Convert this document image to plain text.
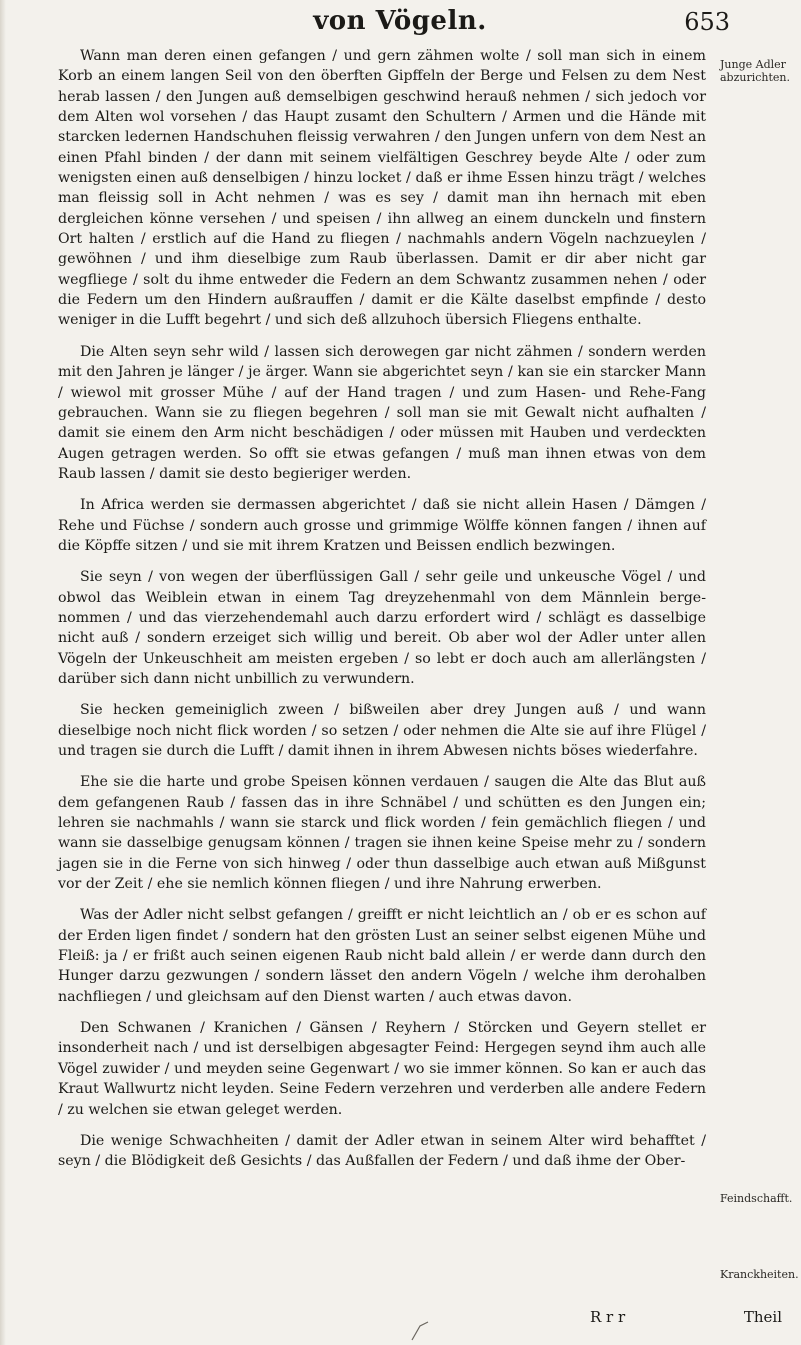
von Vögeln.	653

Wann man deren einen gefangen / und gern zähmen wolte / soll man sich in einem Korb an einem langen Seil von den öberften Gipffeln der Berge und Felsen zu dem Nest herab lassen / den Jungen auß demselbigen geschwind herauß nehmen / sich jedoch vor dem Alten wol vorsehen / das Haupt zusamt den Schultern / Armen und die Hände mit starcken ledernen Handschuhen fleissig verwahren / den Jungen unfern von dem Nest an einen Pfahl binden / der dann mit seinem vielfältigen Geschrey beyde Alte / oder zum wenigsten einen auß denselbigen / hinzu locket / daß er ihme Essen hinzu trägt / welches man fleissig soll in Acht nehmen / was es sey / damit man ihn hernach mit eben dergleichen könne versehen / und speisen / ihn allweg an einem dunckeln und finstern Ort halten / erstlich auf die Hand zu fliegen / nachmahls andern Vögeln nachzueylen / gewöhnen / und ihm dieselbige zum Raub überlassen. Damit er dir aber nicht gar wegfliege / solt du ihme entweder die Federn an dem Schwantz zusammen nehen / oder die Federn um den Hindern außrauffen / damit er die Kälte daselbst empfinde / desto weniger in die Lufft begehrt / und sich deß allzuhoch übersich Fliegens enthalte.

Die Alten seyn sehr wild / lassen sich derowegen gar nicht zähmen / sondern werden mit den Jahren je länger / je ärger. Wann sie abgerichtet seyn / kan sie ein starcker Mann / wiewol mit grosser Mühe / auf der Hand tragen / und zum Hasen- und Rehe-Fang gebrauchen. Wann sie zu fliegen begehren / soll man sie mit Gewalt nicht aufhalten / damit sie einem den Arm nicht beschädigen / oder müssen mit Hauben und verdeckten Augen getragen werden. So offt sie etwas gefangen / muß man ihnen etwas von dem Raub lassen / damit sie desto begieriger werden.

In Africa werden sie dermassen abgerichtet / daß sie nicht allein Hasen / Dämgen / Rehe und Füchse / sondern auch grosse und grimmige Wölffe können fangen / ihnen auf die Köpffe sitzen / und sie mit ihrem Kratzen und Beissen endlich bezwingen.

Sie seyn / von wegen der überflüssigen Gall / sehr geile und unkeusche Vögel / und obwol das Weiblein etwan in einem Tag dreyzehenmahl von dem Männlein berge-nommen / und das vierzehendemahl auch darzu erfordert wird / schlägt es dasselbige nicht auß / sondern erzeiget sich willig und bereit. Ob aber wol der Adler unter allen Vögeln der Unkeuschheit am meisten ergeben / so lebt er doch auch am allerlängsten / darüber sich dann nicht unbillich zu verwundern.

Sie hecken gemeiniglich zween / bißweilen aber drey Jungen auß / und wann dieselbige noch nicht flick worden / so setzen / oder nehmen die Alte sie auf ihre Flügel / und tragen sie durch die Lufft / damit ihnen in ihrem Abwesen nichts böses wiederfahre.

Ehe sie die harte und grobe Speisen können verdauen / saugen die Alte das Blut auß dem gefangenen Raub / fassen das in ihre Schnäbel / und schütten es den Jungen ein; lehren sie nachmahls / wann sie starck und flick worden / fein gemächlich fliegen / und wann sie dasselbige genugsam können / tragen sie ihnen keine Speise mehr zu / sondern jagen sie in die Ferne von sich hinweg / oder thun dasselbige auch etwan auß Mißgunst vor der Zeit / ehe sie nemlich können fliegen / und ihre Nahrung erwerben.

Was der Adler nicht selbst gefangen / greifft er nicht leichtlich an / ob er es schon auf der Erden ligen findet / sondern hat den grösten Lust an seiner selbst eigenen Mühe und Fleiß: ja / er frißt auch seinen eigenen Raub nicht bald allein / er werde dann durch den Hunger darzu gezwungen / sondern lässet den andern Vögeln / welche ihm derohalben nachfliegen / und gleichsam auf den Dienst warten / auch etwas davon.

Den Schwanen / Kranichen / Gänsen / Reyhern / Störcken und Geyern stellet er insonderheit nach / und ist derselbigen abgesagter Feind: Hergegen seynd ihm auch alle Vögel zuwider / und meyden seine Gegenwart / wo sie immer können. So kan er auch das Kraut Wallwurtz nicht leyden. Seine Federn verzehren und verderben alle andere Federn / zu welchen sie etwan geleget werden.

Die wenige Schwachheiten / damit der Adler etwan in seinem Alter wird behafftet / seyn / die Blödigkeit deß Gesichts / das Außfallen der Federn / und daß ihme der Ober-

Junge Adler abzurichten.
Feindschafft.
Kranckheiten.
R r r	Theil
